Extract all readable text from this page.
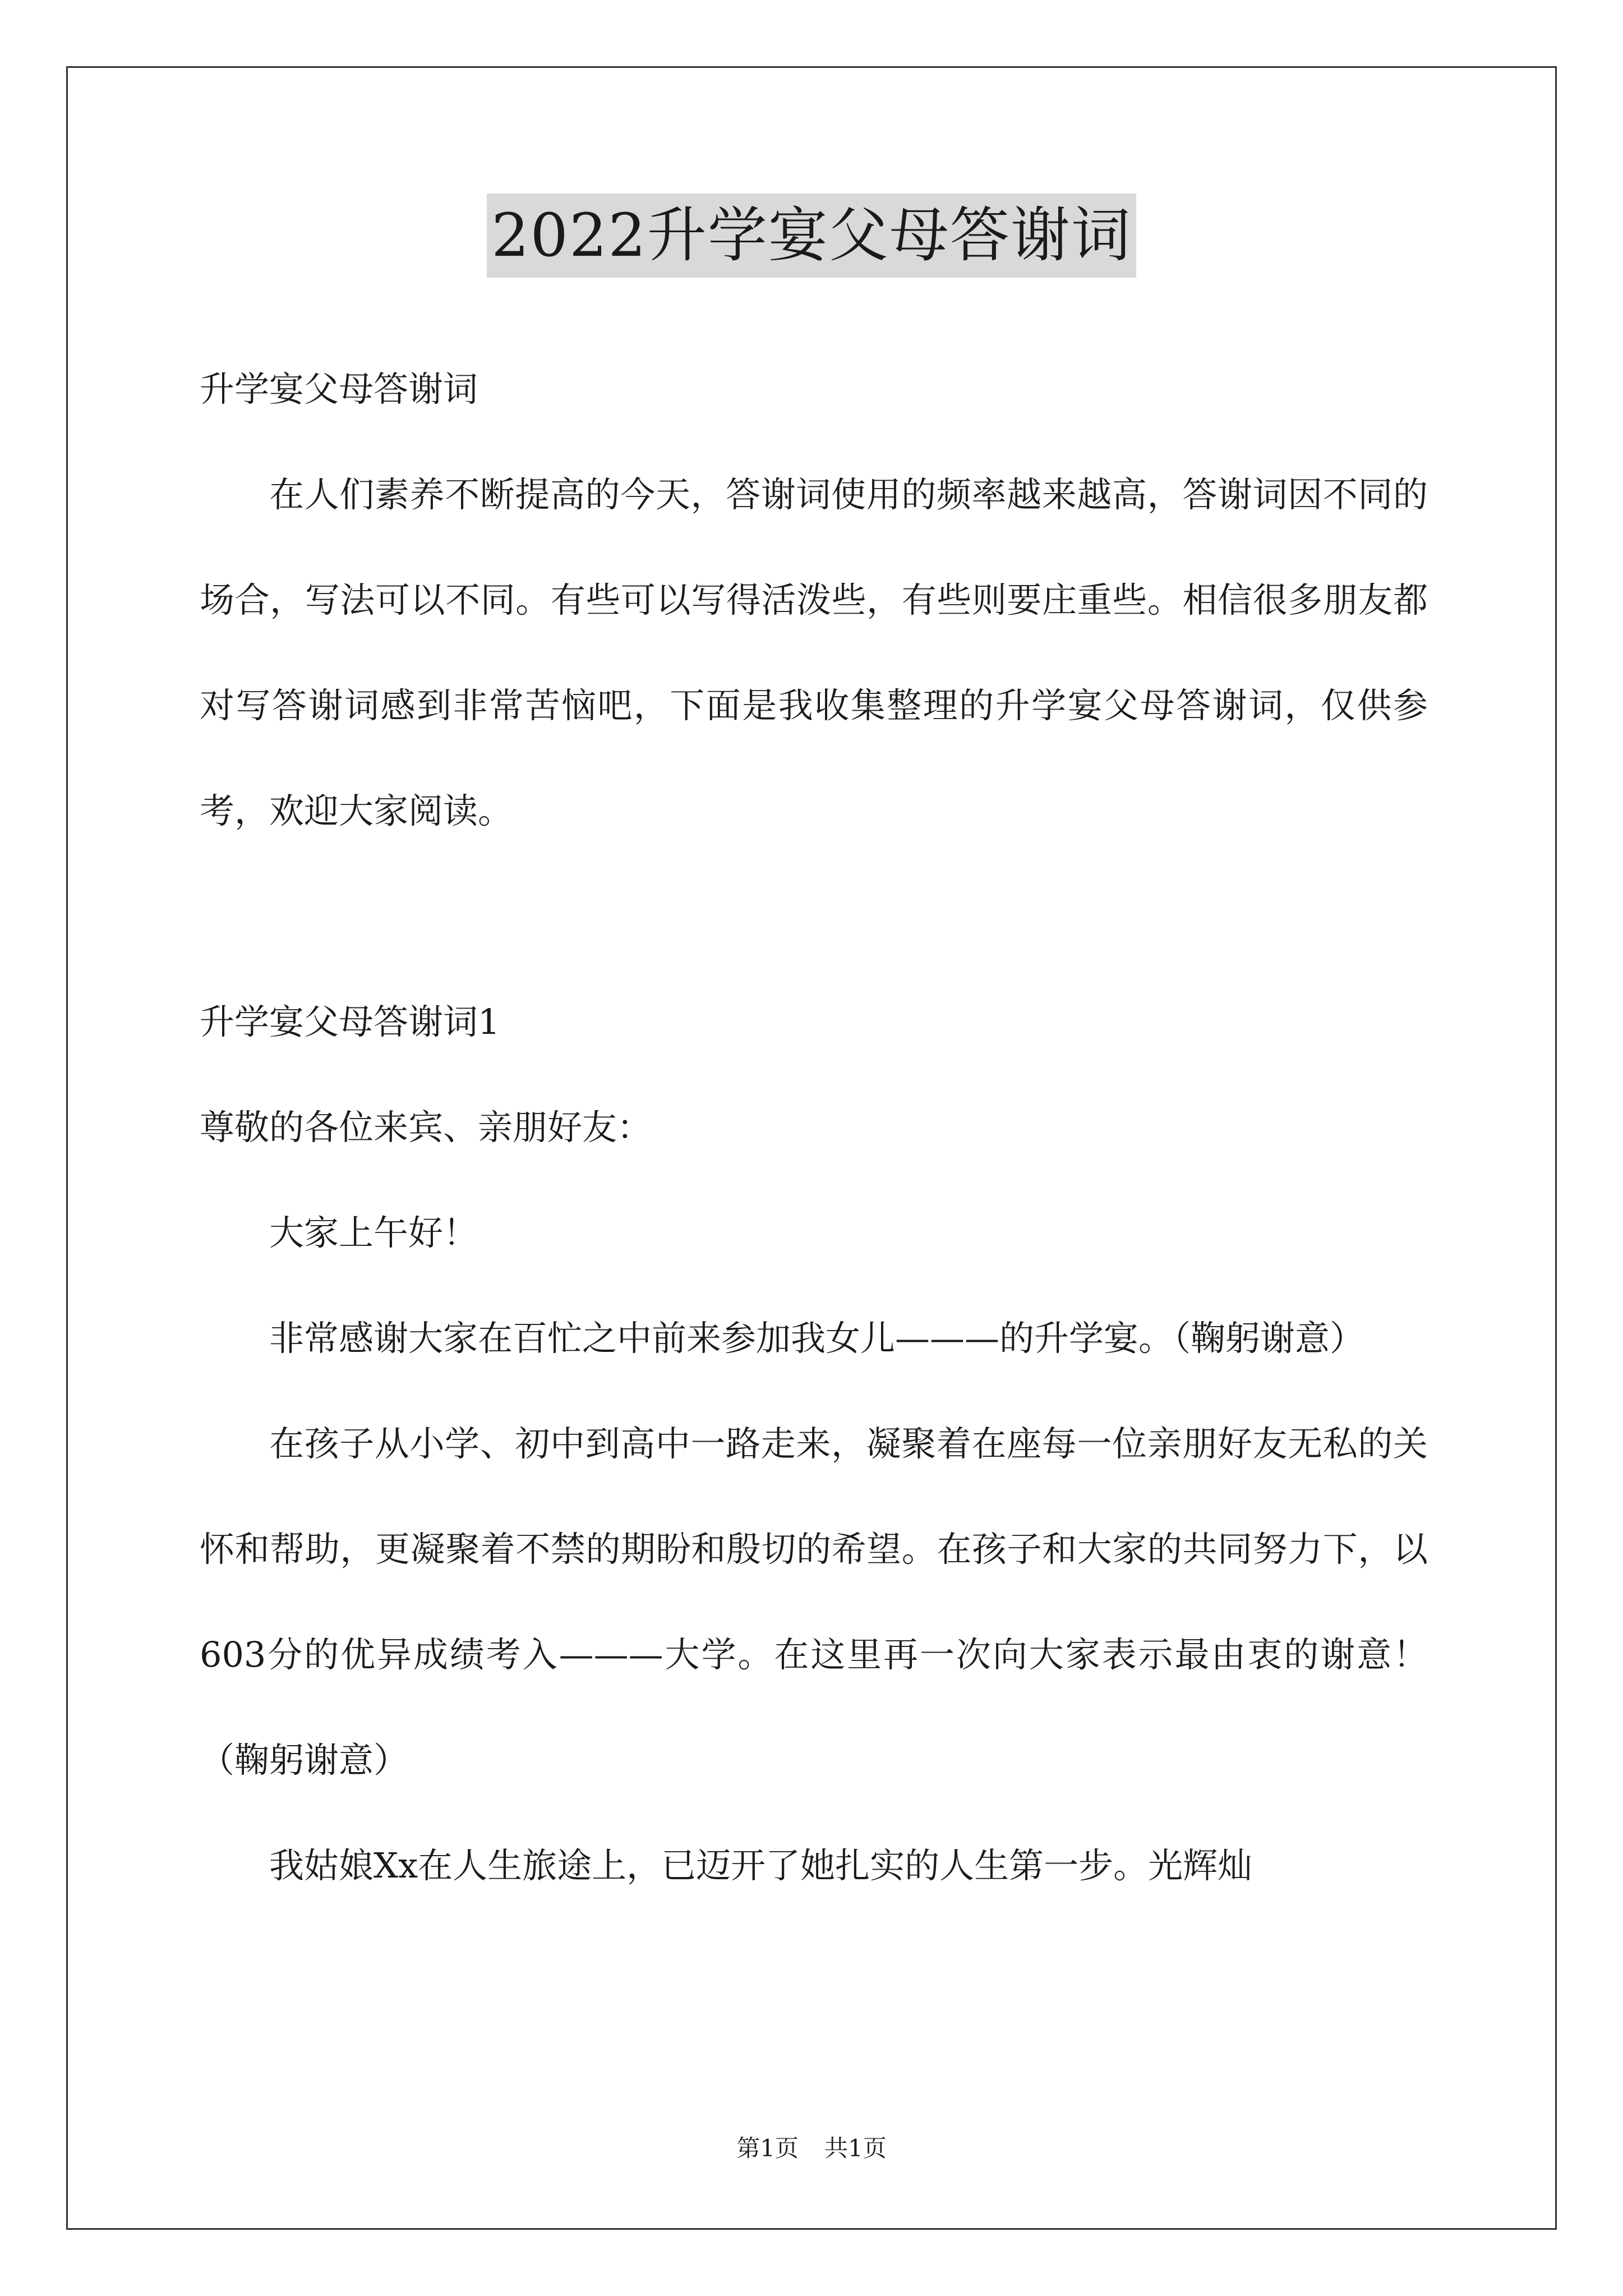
2022升学宴父母答谢词

升学宴父母答谢词

在人们素养不断提高的今天，答谢词使用的频率越来越高，答谢词因不同的场合，写法可以不同。有些可以写得活泼些，有些则要庄重些。相信很多朋友都对写答谢词感到非常苦恼吧，下面是我收集整理的升学宴父母答谢词，仅供参考，欢迎大家阅读。

升学宴父母答谢词1

尊敬的各位来宾、亲朋好友：

大家上午好！

非常感谢大家在百忙之中前来参加我女儿———的升学宴。（鞠躬谢意）

在孩子从小学、初中到高中一路走来，凝聚着在座每一位亲朋好友无私的关怀和帮助，更凝聚着不禁的期盼和殷切的希望。在孩子和大家的共同努力下，以603分的优异成绩考入———大学。在这里再一次向大家表示最由衷的谢意！（鞠躬谢意）

我姑娘Xx在人生旅途上，已迈开了她扎实的人生第一步。光辉灿

第1页 共1页
